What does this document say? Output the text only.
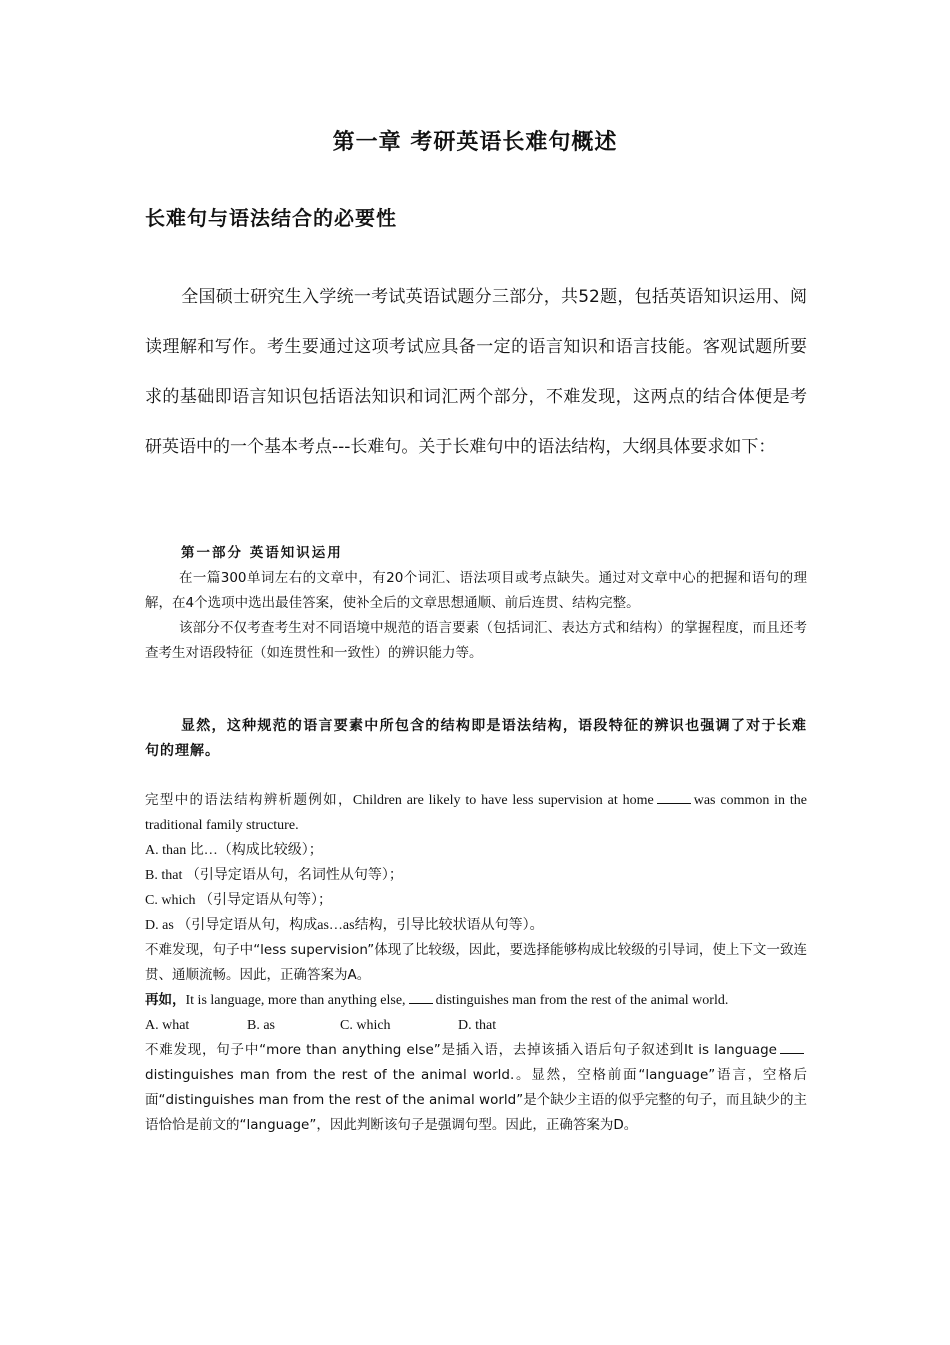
第一章 考研英语长难句概述
长难句与语法结合的必要性

全国硕士研究生入学统一考试英语试题分三部分，共52题，包括英语知识运用、阅读理解和写作。考生要通过这项考试应具备一定的语言知识和语言技能。客观试题所要求的基础即语言知识包括语法知识和词汇两个部分，不难发现，这两点的结合体便是考研英语中的一个基本考点---长难句。关于长难句中的语法结构，大纲具体要求如下：

第一部分 英语知识运用

在一篇300单词左右的文章中，有20个词汇、语法项目或考点缺失。通过对文章中心的把握和语句的理解，在4个选项中选出最佳答案，使补全后的文章思想通顺、前后连贯、结构完整。

该部分不仅考查考生对不同语境中规范的语言要素（包括词汇、表达方式和结构）的掌握程度，而且还考查考生对语段特征（如连贯性和一致性）的辨识能力等。

显然，这种规范的语言要素中所包含的结构即是语法结构，语段特征的辨识也强调了对于长难句的理解。

完型中的语法结构辨析题例如，Children are likely to have less supervision at home	was common in the traditional family structure.

A. than 比…（构成比较级）；

B. that （引导定语从句，名词性从句等）；

C. which （引导定语从句等）；

D. as （引导定语从句，构成as…as结构，引导比较状语从句等）。

不难发现，句子中“less supervision”体现了比较级，因此，要选择能够构成比较级的引导词，使上下文一致连贯、通顺流畅。因此，正确答案为A。

再如，It is language, more than anything else, distinguishes man from the rest of the animal world.

A. what	B. as	C. which	D. that

不难发现，句子中“more than anything else”是插入语，去掉该插入语后句子叙述到It is languagedistinguishes man from the rest of the animal world.。显然，空格前面“language”语言，空格后面“distinguishes man from the rest of the animal world”是个缺少主语的似乎完整的句子，而且缺少的主语恰恰是前文的“language”，因此判断该句子是强调句型。因此，正确答案为D。
